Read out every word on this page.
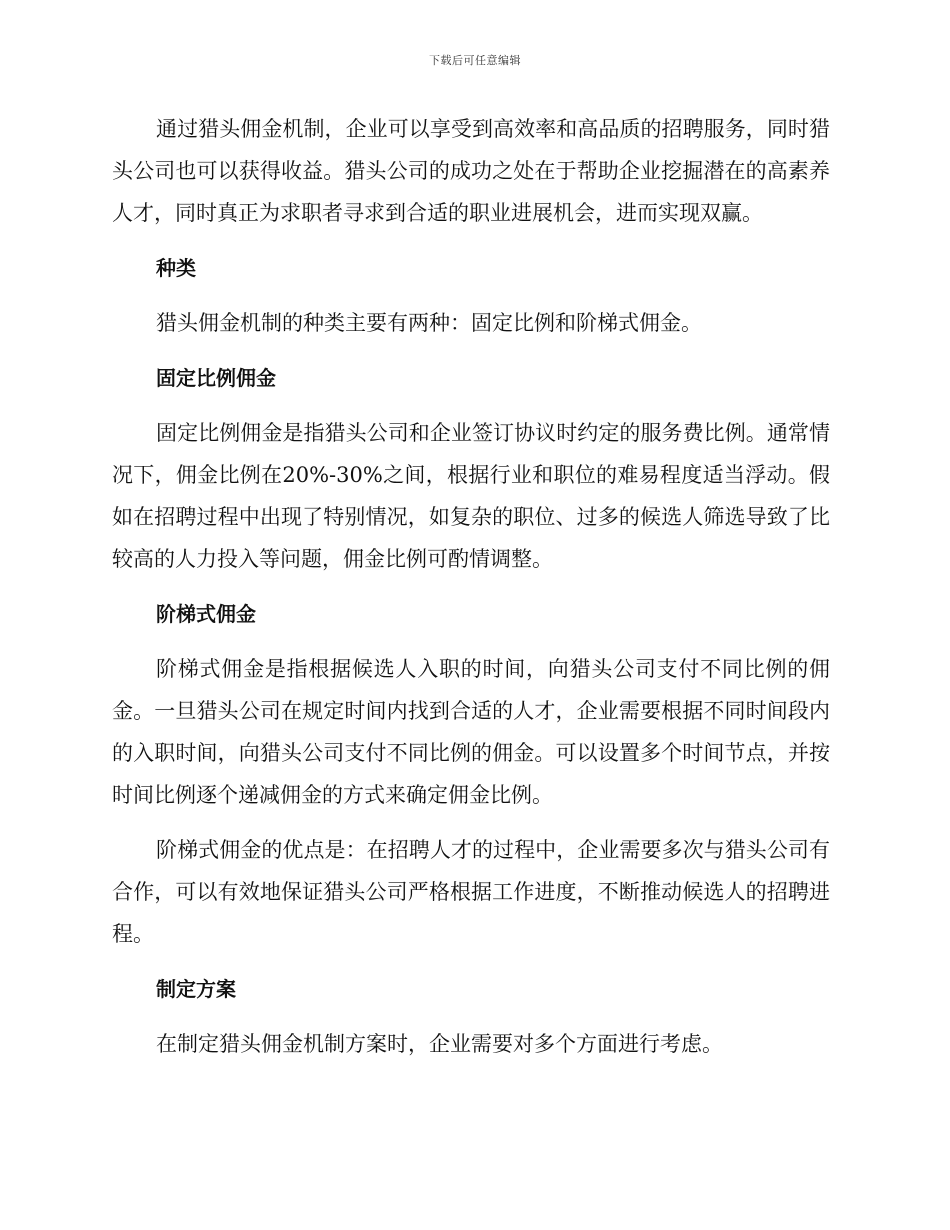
下载后可任意编辑

通过猎头佣金机制，企业可以享受到高效率和高品质的招聘服务，同时猎头公司也可以获得收益。猎头公司的成功之处在于帮助企业挖掘潜在的高素养人才，同时真正为求职者寻求到合适的职业进展机会，进而实现双赢。

种类

猎头佣金机制的种类主要有两种：固定比例和阶梯式佣金。

固定比例佣金

固定比例佣金是指猎头公司和企业签订协议时约定的服务费比例。通常情况下，佣金比例在20%-30%之间，根据行业和职位的难易程度适当浮动。假如在招聘过程中出现了特别情况，如复杂的职位、过多的候选人筛选导致了比较高的人力投入等问题，佣金比例可酌情调整。

阶梯式佣金

阶梯式佣金是指根据候选人入职的时间，向猎头公司支付不同比例的佣金。一旦猎头公司在规定时间内找到合适的人才，企业需要根据不同时间段内的入职时间，向猎头公司支付不同比例的佣金。可以设置多个时间节点，并按时间比例逐个递减佣金的方式来确定佣金比例。

阶梯式佣金的优点是：在招聘人才的过程中，企业需要多次与猎头公司有合作，可以有效地保证猎头公司严格根据工作进度，不断推动候选人的招聘进程。

制定方案

在制定猎头佣金机制方案时，企业需要对多个方面进行考虑。
